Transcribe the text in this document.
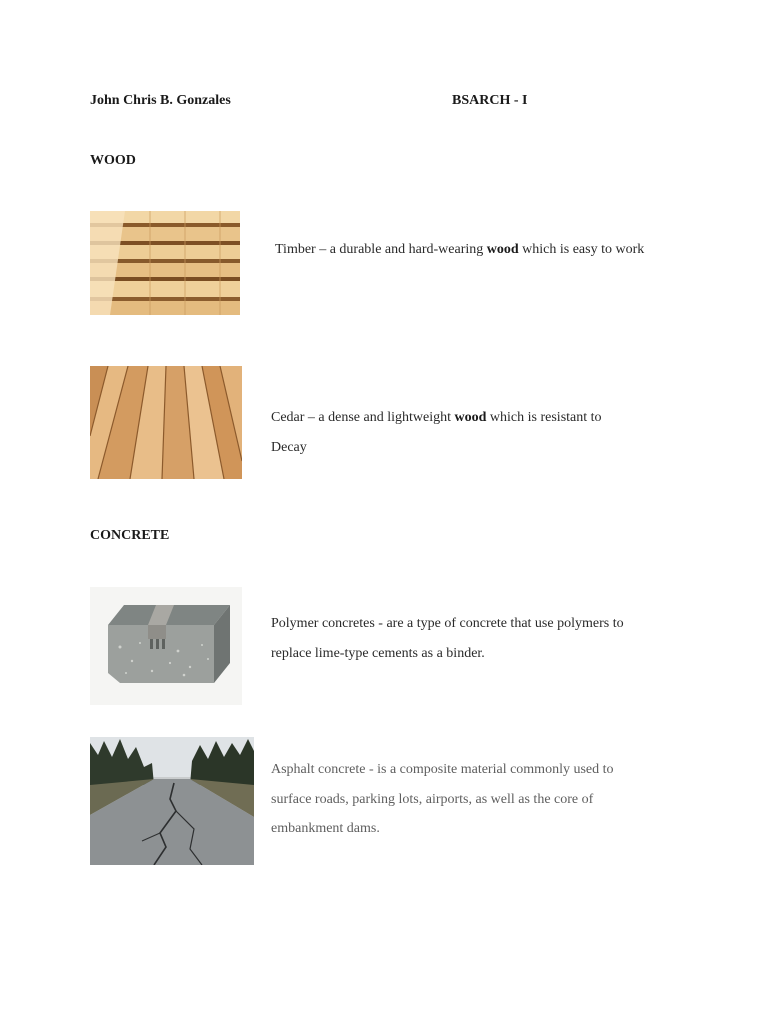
John Chris B. Gonzales	BSARCH - I
WOOD
Timber – a durable and hard-wearing wood which is easy to work
Cedar – a dense and lightweight wood which is resistant to
Decay
CONCRETE
Polymer concretes - are a type of concrete that use polymers to
replace lime-type cements as a binder.
Asphalt concrete - is a composite material commonly used to
surface roads, parking lots, airports, as well as the core of
embankment dams.
